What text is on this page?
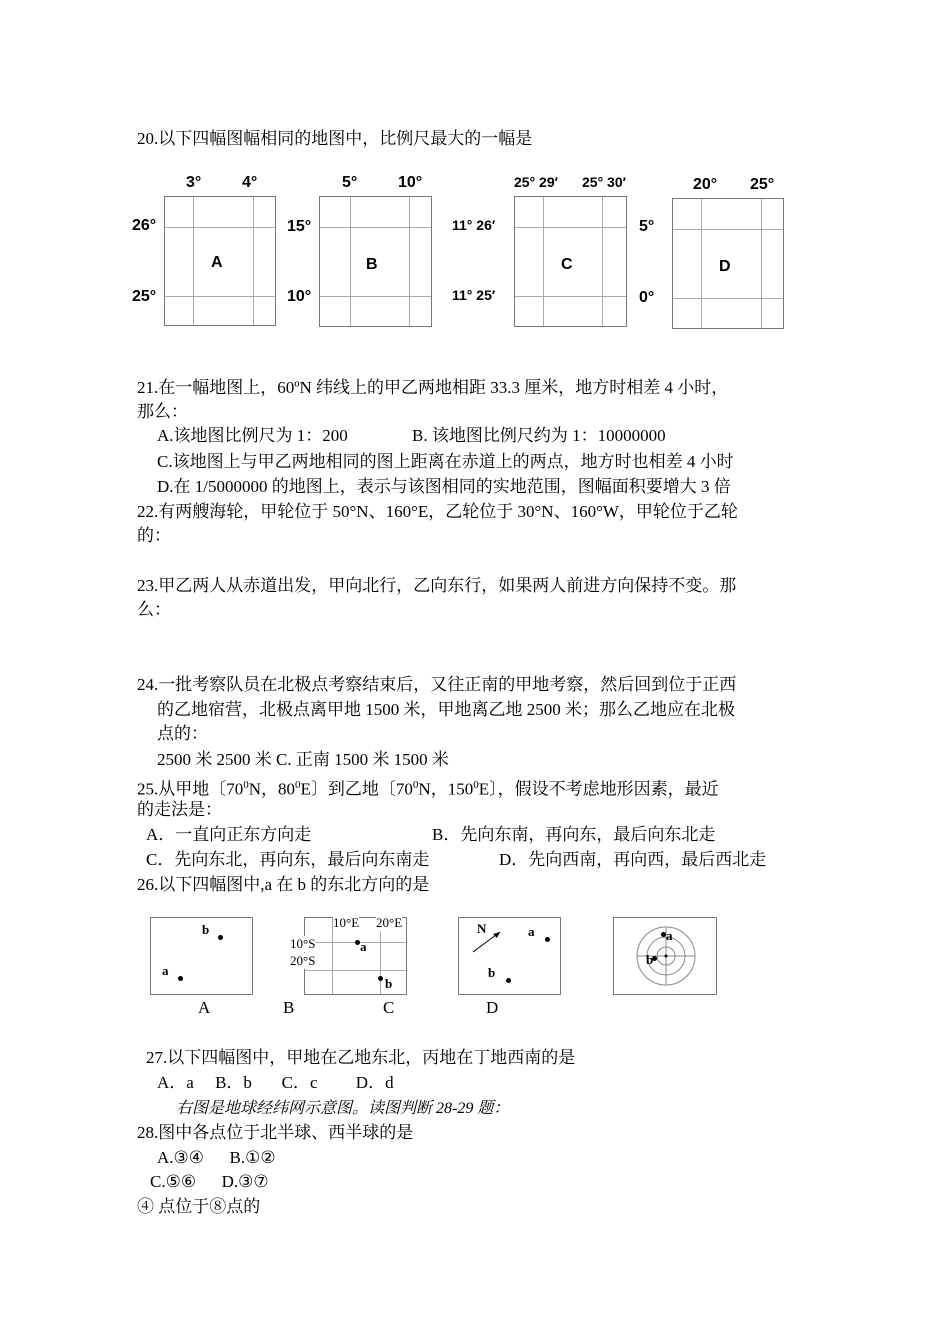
20.以下四幅图幅相同的地图中，比例尺最大的一幅是
3°	4°
26°
25°
A
5°	10°
15°
10°
B
25° 29′ 25° 30′
11° 26′
11° 25′
C
20° 25°
5°
0°
D
21.在一幅地图上，60ºN 纬线上的甲乙两地相距 33.3 厘米，地方时相差 4 小时，
那么：
A.该地图比例尺为 1：200	B. 该地图比例尺约为 1：10000000
C.该地图上与甲乙两地相同的图上距离在赤道上的两点，地方时也相差 4 小时
D.在 1/5000000 的地图上，表示与该图相同的实地范围，图幅面积要增大 3 倍
22.有两艘海轮，甲轮位于 50°N、160°E，乙轮位于 30°N、160°W，甲轮位于乙轮
的：
23.甲乙两人从赤道出发，甲向北行，乙向东行，如果两人前进方向保持不变。那
么：
24.一批考察队员在北极点考察结束后，又往正南的甲地考察，然后回到位于正西
的乙地宿营，北极点离甲地 1500 米，甲地离乙地 2500 米；那么乙地应在北极
点的：
2500 米 2500 米 C. 正南 1500 米 1500 米
25.从甲地〔$70^0N$，$80^0E$〕到乙地〔$70^0N$，$150^0E$〕，假设不考虑地形因素，最近
的走法是：
A．一直向正东方向走	B．先向东南，再向东，最后向东北走
C．先向东北，再向东，最后向东南走	D．先向西南，再向西，最后西北走
26.以下四幅图中,a 在 b 的东北方向的是
b
a
10°E 20°E
10°S
20°S
a
b
N	a
b
a
b
A	B	C	D
27.以下四幅图中，甲地在乙地东北，丙地在丁地西南的是
A．a     B．b       C．c         D．d
右图是地球经纬网示意图。读图判断 28-29 题：
28.图中各点位于北半球、西半球的是
A.③④      B.①②
C.⑤⑥      D.③⑦
④ 点位于⑧点的
